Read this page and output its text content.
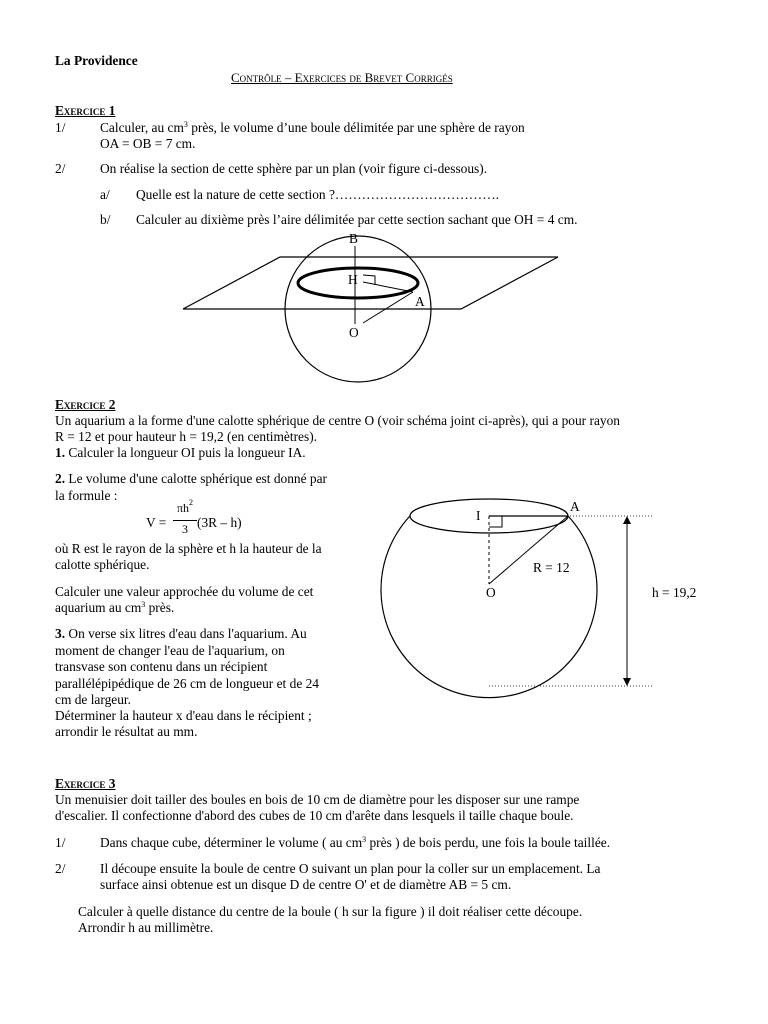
La Providence
Contrôle – Exercices de Brevet Corrigés
Exercice 1
1/	Calculer, au $cm^3$ près, le volume d’une boule délimitée par une sphère de rayon
OA = OB = 7 cm.
2/	On réalise la section de cette sphère par un plan (voir figure ci-dessous).
a/ Quelle est la nature de cette section ?……………………………….
b/ Calculer au dixième près l’aire délimitée par cette section sachant que OH = 4 cm.
B
H
A
O
Exercice 2
Un aquarium a la forme d'une calotte sphérique de centre O (voir schéma joint ci-après), qui a pour rayon
R = 12 et pour hauteur h = 19,2 (en centimètres).
1. Calculer la longueur OI puis la longueur IA.
2. Le volume d'une calotte sphérique est donné par
la formule :
V =
$\pi h^2$
3 (3R – h)
où R est le rayon de la sphère et h la hauteur de la
calotte sphérique.
Calculer une valeur approchée du volume de cet
aquarium au $cm^3$ près.
3. On verse six litres d'eau dans l'aquarium. Au
moment de changer l'eau de l'aquarium, on
transvase son contenu dans un récipient
parallélépipédique de 26 cm de longueur et de 24
cm de largeur.
Déterminer la hauteur x d'eau dans le récipient ;
arrondir le résultat au mm.
I
A
O
R = 12
h = 19,2
Exercice 3
Un menuisier doit tailler des boules en bois de 10 cm de diamètre pour les disposer sur une rampe
d'escalier. Il confectionne d'abord des cubes de 10 cm d'arête dans lesquels il taille chaque boule.
1/	Dans chaque cube, déterminer le volume ( au $cm^3$ près ) de bois perdu, une fois la boule taillée.
2/	Il découpe ensuite la boule de centre O suivant un plan pour la coller sur un emplacement. La
surface ainsi obtenue est un disque D de centre O' et de diamètre AB = 5 cm.
Calculer à quelle distance du centre de la boule ( h sur la figure ) il doit réaliser cette découpe.
Arrondir h au millimètre.
